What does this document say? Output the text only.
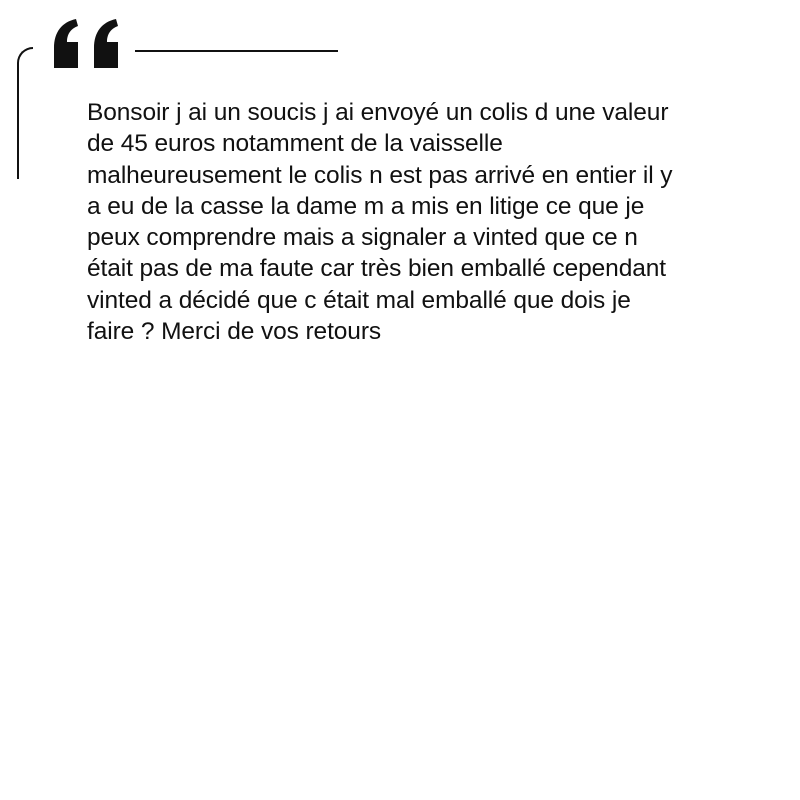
Bonsoir j ai un soucis j ai envoyé un colis d une valeur
de 45 euros notamment de la vaisselle
malheureusement le colis n est pas arrivé en entier il y
a eu de la casse la dame m a mis en litige ce que je
peux comprendre mais a signaler a vinted que ce n
était pas de ma faute car très bien emballé cependant
vinted a décidé que c était mal emballé que dois je
faire ? Merci de vos retours
